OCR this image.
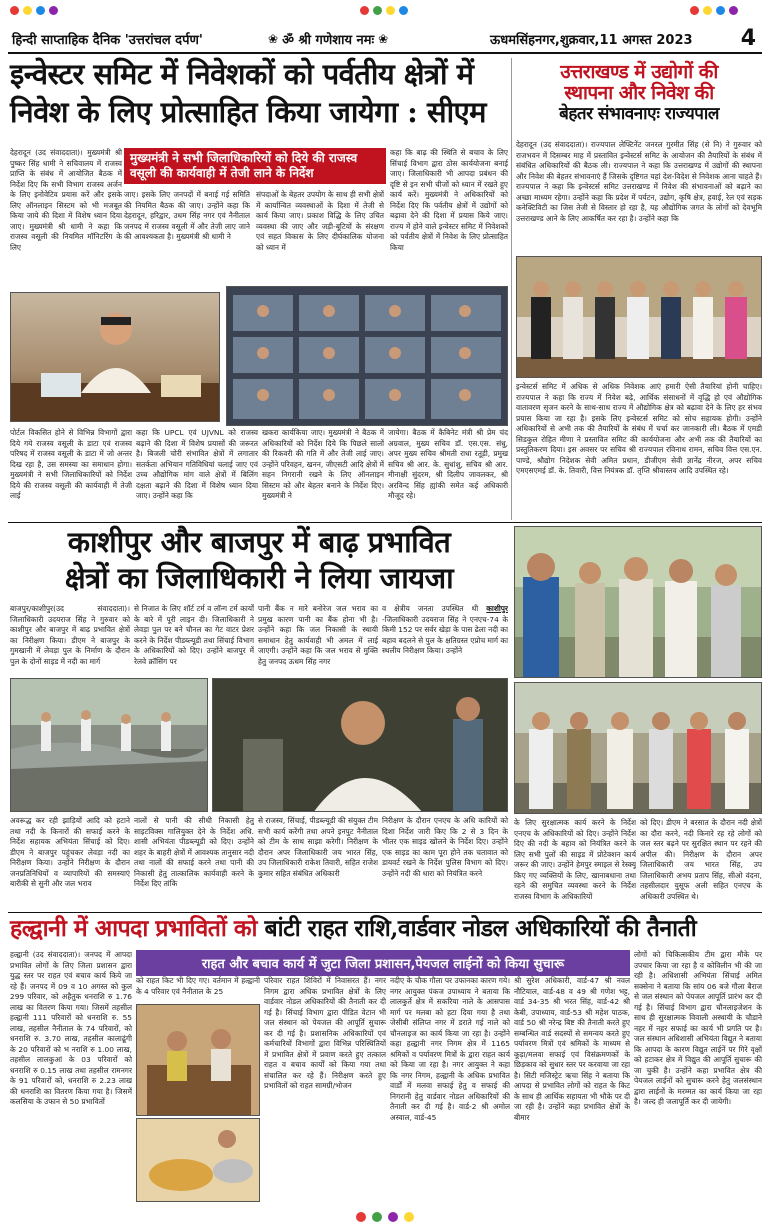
हिन्दी साप्ताहिक दैनिक 'उत्तरांचल दर्पण'	❀ ॐ श्री गणेशाय नमः ❀	ऊधमसिंहनगर,शुक्रवार,11 अगस्त 2023 4
इन्वेस्टर समिट में निवेशकों को पर्वतीय क्षेत्रों में
निवेश के लिए प्रोत्साहित किया जायेगा : सीएम
उत्तराखण्ड में उद्योगों की
स्थापना और निवेश की
बेहतर संभावनाएः राज्यपाल
देहरादून (उद संवाददाता)। मुख्यमंत्री श्री पुष्कर सिंह धामी ने सचिवालय में राजस्व प्राप्ति के संबंध में आयोजित बैठक में निर्देश दिए कि सभी विभाग राजस्व अर्जन के लिए इनोवेटिव प्रयास करें और इसके लिए ऑनलाइन सिस्टम को भी मजबूत किया जाये की दिशा में विशेष ध्यान दिया जाए। मुख्यमंत्री श्री धामी ने कहा कि राजस्व वसूली की नियमित मॉनिटरिंग के लिए
मुख्यमंत्री ने सभी जिलाधिकारियों को दिये की राजस्व वसूली की कार्यवाही में तेजी लाने के निर्देश
कहा कि बाढ़ की स्थिति से बचाव के लिए सिंचाई विभाग द्वारा ठोस कार्ययोजना बनाई जाए। जिलाधिकारी भी आपदा प्रबंधन की दृष्टि से इन सभी चीजों को ध्यान में रखते हुए कार्य करें। मुख्यमंत्री ने अधिकारियों को निर्देश दिए कि पर्वतीय क्षेत्रों में उद्योगों को बढ़ावा देने की दिशा में प्रयास किये जाए। राज्य में होने वाले इन्वेस्टर समिट में निवेशकों को पर्वतीय क्षेत्रों में निवेश के लिए प्रोत्साहित किया
जाए। इसके लिए जनपदों में बनाई गई समिति की नियमित बैठक की जाए। उन्होंने कहा कि देहरादून, हरिद्वार, उधम सिंह नगर एवं नैनीताल जनपद में राजस्व वसूली में और तेजी लाए जाने की आवश्यकता है। मुख्यमंत्री श्री धामी ने
संपदाओं के बेहतर उपयोग के साथ ही सभी क्षेत्रों में कार्यान्वित व्यवस्थाओं के दिशा में तेजी से कार्य किया जाए। प्रकाश विद्धि के लिए उचित व्यवस्था की जाए और जड़ी-बूटियों के संरक्षण एवं सहत विकास के लिए दीर्घकालिक योजना को ध्यान में
पोर्टल विकसित होने से विभिन्न विभागों द्वारा दिये गये राजस्व वसूली के डाटा एवं राजस्व परिषद में राजस्व वसूली के डाटा में जो अन्तर दिख रहा है, उस समस्या का समाधान होगा। मुख्यमंत्री ने सभी जिलाधिकारियों को निर्देश दिये की राजस्व वसूली की कार्यवाही में तेजी लाई
कहा कि UPCL एवं UJVNL को राजस्व बढ़ाने की दिशा में विशेष प्रयासों की जरूरत है। बिजली चोरी संभावित क्षेत्रों में लगातार सतर्कता अभियान गतिविधियां चलाई जाए एवं उच्च औद्योगिक मांग वाले क्षेत्रों में बिलिंग दक्षता बढ़ाने की दिशा में विशेष ध्यान दिया जाए। उन्होंने कहा कि
खकरा कार्यकिया जाए। मुख्यमंत्री ने बैठक में अधिकारियों को निर्देश दिये कि पिछले सालों की रिकवरी की गति में और तेजी लाई जाए। उन्होंने परिवहन, खनन, जीएसटी आदि क्षेत्रों में सहन निगरानी रखने के लिए ऑनलाइन सिस्टम को और बेहतर बनाने के निर्देश दिए। मुख्यमंत्री ने
जायेगा। बैठक में कैबिनेट मंत्री श्री प्रेम चंद अग्रवाल, मुख्य सचिव डॉ. एस.एस. संधु, अपर मुख्य सचिव श्रीमती राधा रतूड़ी, प्रमुख सचिव श्री आर. के. सुधांशु, सचिव श्री आर. मीनाक्षी सुंदरम, श्री दिलीप जावलकर, श्री अरविन्द सिंह ह्यांकी समेत कई अधिकारी मौजूद रहे।
देहरादून (उद संवाददाता)। राज्यपाल लेफ्टिनेंट जनरल गुरमीत सिंह (से नि) ने गुरुवार को राजभवन में दिसम्बर माह में प्रस्तावित इन्वेस्टर्स समिट के आयोजन की तैयारियों के संबंध में संबंधित अधिकारियों की बैठक ली। राज्यपाल ने कहा कि उत्तराखण्ड में उद्योगों की स्थापना और निवेश की बेहतर संभावनाएं हैं जिसके दृष्टिगत यहां देश-विदेश से निवेशक आना चाहते हैं। राज्यपाल ने कहा कि इन्वेस्टर्स समिट उत्तराखण्ड में निवेश की संभावनाओं को बढ़ाने का अच्छा माध्यम रहेगा। उन्होंने कहा कि प्रदेश में पर्यटन, उद्योग, कृषि क्षेत्र, हवाई, रेल एवं सड़क कनेक्टिविटी का जिस तेजी से विस्तार हो रहा है, यह औद्योगिक जगत के लोगों को देवभूमि उत्तराखण्ड आने के लिए आकर्षित कर रहा है। उन्होंने कहा कि
इन्वेस्टर्स समिट में अधिक से अधिक निवेशक आएं हमारी ऐसी तैयारियां होनी चाहिए। राज्यपाल ने कहा कि राज्य में निवेश बढ़े, आर्थिक संसाधनों में वृद्धि हो एवं औद्योगिक वातावरण सृजन करने के साथ-साथ राज्य में औद्योगिक क्षेत्र को बढ़ावा देने के लिए हर संभव प्रयास किया जा रहा है। इसके लिए इन्वेस्टर्स समिट को सोच सहायक होगी। उन्होंने अधिकारियों से अभी तक की तैयारियों के संबंध में चर्चा कर जानकारी ली। बैठक में एमडी सिडकुल रोहित मीणा ने प्रस्तावित समिट की कार्ययोजना और अभी तक की तैयारियों का प्रस्तुतिकरण दिया। इस अवसर पर सचिव श्री राज्यपाल रविनाथ रामन, सचिव वित्त एस.एन. पाण्डे, श्रौद्योग निदेशक सेवी अमित प्रधान, डीजीएम सेवी ज्ञानेंद्र नीरज, अपर सचिव एमएसएमई डॉ. के. तिवारी, वित्त नियंत्रक डॉ. तृप्ति श्रीवास्तव आदि उपस्थित रहे।
काशीपुर और बाजपुर में बाढ़ प्रभावित
क्षेत्रों का जिलाधिकारी ने लिया जायजा
बाजपुर/काशीपुर(उद संवाददाता)। जिलाधिकारी उदयराज सिंह ने गुरुवार को काशीपुर और बाजपुर में बाढ़ प्रभावित क्षेत्रों का निरीक्षण किया। डीएम ने बाजपुर के गुमखानी में लेवड़ा पुल के निर्माण के दौरान पुल के दोनों साइड में नदी का मार्ग
से निजात के लिए शॉर्ट टर्म व लॉन्ग टर्म कार्यों के बारे में पूरी लाइन दी। जिलाधिकारी ने लेवड़ा पुल पर बने चौनल का गेट वाटर प्रेशर करने के निर्देश पीडब्ल्यूडी तथा सिंचाई विभाग के अधिकारियों को दिए। उन्होंने बाजपुर में रेलवे क्रॉसिंग पर
पानी बैंक न मारे बनोरेज जल भराव का प्रमुख कारण पानी का बैंक होना भी है। उन्होंने कहा कि जल निकासी के स्थायी समाधान हेतु कार्यवाही भी अमल में लाई जाएगी। उन्होंने कहा कि जल भराव से मुक्ति हेतु जनपद ऊधम सिंह नगर
व क्षेत्रीय जनता उपस्थित थी काशीपुर -जिलाधिकारी उदयराज सिंह ने एनएच-74 के किमी 152 पर सर्वर खेड़ा के पास ढेला नदी का बहाव बदलने से पुल के क्षतिग्रस्त एप्रोच मार्ग का स्थलीय निरीक्षण किया। उन्होंने
अवरूद्ध कर रही झाड़ियों आदि को हटाने तथा नदी के किनारों की सफाई करने के निर्देश सहायक अभियंता सिंचाई को दिए। डीएम ने बाजपुर पहुंचकर लेवड़ा नदी का निरीक्षण किया। उन्होंने निरीक्षण के दौरान जनप्रतिनिधियों व व्यापारियों की समस्याएं बारीकी से सुनी और जल भराव
नालों से पानी की सीधी निकासी हेतु साइटविक्स गालियुक्त देने के निर्देश अधि. शासी अभियंता पीडब्ल्यूडी को दिए। उन्होंने शहर के बाहरी क्षेत्रों में आवश्यक तानुसार नदी तथा नालों की सफाई करने तथा पानी की निकासी हेतु तात्कालिक कार्यवाही करने के निर्देश दिए तांकि
से राजस्व, सिंचाई, पीडब्ल्यूडी की संयुक्त टीम सभी कार्य करेंगी तथा अपने इनपुट नैनीताल को टीम के साथ साझा करेगी। निरीक्षण के दौरान अपर जिलाधिकारी जय भारत सिंह, उप जिलाधिकारी राकेश तिवारी, सहित राजेश कुमार सहित संबंधित अधिकारी
निरीक्षण के दौरान एनएच के अधि कारियों को दिशा निर्देश जारी किए कि 2 से 3 दिन के भीतर एक साइड खोलने के निर्देश दिए। उन्होंने एक साइड का काम पूरा होने तक चतावात को डायवर्ट रखने के निर्देश पुलिस विभाग को दिए। उन्होंने नदी की धारा को नियंत्रित करने
के लिए सुरक्षात्मक कार्य करने के निर्देश एनएच के अधिकारियों को दिए। उन्होंने निर्देश दिए की नदी के बहाव को नियंत्रित करने के लिए सभी पुलों की साइड में प्रोटेक्शन कार्य जरूर की जाए। उन्होंने हेमपुर स्माइल से रेस्क्यू किए गए व्यक्तियों के लिए, खानाबधाना तथा रहने की समुचित व्यवस्था करने के निर्देश राजस्व विभाग के अधिकारियों
को दिए। डीएम ने बरसात के दौरान नदी क्षेत्रों का दौरा करने, नदी किनारे रह रहे लोगों को जल स्तर बढ़ने पर सुरक्षित स्थान पर रहने की अपील की। निरीक्षण के दौरान अपर जिलाधिकारी जय भारत सिंह, उप जिलाधिकारी अभय प्रताप सिंह, सीओ वंदना, तहसीलदार युसूफ अली सहित एनएच के अधिकारी उपस्थित थे।
हल्द्वानी में आपदा प्रभावितों को बांटी राहत राशि,वार्डवार नोडल अधिकारियों की तैनाती
राहत और बचाव कार्य में जुटा जिला प्रशासन,पेयजल लाईनों को किया सुचारू
हल्द्वानी (उद संवाददाता)। जनपद में आपदा प्रभावित लोगों के लिए जिला प्रशासन द्वारा युद्ध स्तर पर राहत एवं बचाव कार्य किये जा रहे हैं। जनपद में 09 व 10 अगस्त को कुल 299 परिवार, को अहैतुक धनराशि रु 1.76 लाख का वितरण किया गया। जिसमें तहसील हल्द्वानी 111 परिवारों को धनराशि रु. 55 लाख, तहसील नैनीताल के 74 परिवारों, को धनराशि रु. 3.70 लाख, तहसील कालाढूंगी के 20 परिवारों को भ नराशि रु 1.00 लाख, तहसील लालकुआं के 03 परिवारों को धनराशि रु 0.15 लाख तथा तहसील रामनगर के 91 परिवारों को, धनराशि रु 2.23 लाख की धनराशि का वितरण किया गया है। जिसमें कलसिया के उफान से 50 प्रभावितों
को राहत किट भी दिए गए। वर्तमान में हल्द्वानी के 4 परिवार एवं नैनीताल के 25
परिवार राहत शिविरों में निवासरत हैं। नगर निगम द्वारा अधिक प्रभावित क्षेत्रों के लिए वार्डवार नोडल अधिकारियों की तैनाती कर दी गई है। सिंचाई विभाग द्वारा पीडित वेटान भी जल संस्थान को पेयजल की आपूर्ति सुचारू कर दी गई है। प्रशासनिक अधिकारियों एवं कर्मचारियों विभागों द्वारा विभिन्न परिस्थितियों में प्रभावित क्षेत्रों में प्रवाण करते हुए तत्काल राहत व बचाव कार्यों को किया गया तथा संचालित कर रहे हैं। निरीक्षण करते हुए प्रभावितों को राहत सामग्री/भोजन
नदीए के चौक गौला पर उफानका कारण गये। नगर आयुक्त पंकज उपाध्याय ने बताया कि लालकुर्ते क्षेत्र में सकरिया नाले के आसपास मार्ग पर मलबा को हटा दिया गया है तथा जेसीबी संलिप्त नगर में डराते गई नाले को चौनलाइज का कार्य किया जा रहा है। उन्होंने कहा हल्द्वानी नगर निगम क्षेत्र में 1165 श्रमिकों व पर्यावरण मित्रों के द्वारा राहत कार्य को किया जा रहा है। नगर आयुक्त ने कहा कि नगर निगम, हल्द्वानी के अधिक प्रभावित वार्डों में मलवा सफाई हेतु व सफाई की निगरानी हेतु वार्डवार नोडल अधिकारियों की तैनाती कर दी गई है। वार्ड-2 श्री अमोल अस्वाल, वार्ड-45
श्री सुरेश अधिकारी, वार्ड-47 श्री नवल नौटियाल, वार्ड-48 व 49 श्री गणेश भट्ट, वार्ड 34-35 श्री भरत सिंह, वार्ड-42 श्री केबी, उपाध्याय, वार्ड-53 श्री महेश पाठक, वार्ड 50 श्री नरेन्द्र बिष्ट की तैनाती करते हुए सम्बन्धित वार्ड सदस्यों से समन्वय करते हुए पर्यावरण मित्रों एवं श्रमिकों के माध्यम से कूड़ा/मलवा सफाई एवं विसंक्रमणकों के छिड़काव को सुधार स्तर पर करवाया जा रहा है। सिटी मजिस्ट्रेट ऋचा सिंह ने बताया कि आपदा से प्रभावित लोगों को राहत के किट के साथ ही आर्थिक सहायता भी भौके पर दी जा रही है। उन्होंने कहा प्रभावित क्षेत्रों के बीमार
लोगों को चिकित्सकीय टीम द्वारा मौके पर उपचार किया जा रहा है व कोविलीन भी की जा रही है। अधिशासी अभियंता सिंचाई अमित सक्सेना ने बताया कि सांय 06 बजे गौला बैराज से जल संस्थान को पेयजल आपूर्ति प्रारंभ कर दी गई है। सिंचाई विभाग द्वारा चौनलाइजेशन के साथ ही सुरक्षात्मक विवाली अस्थायी के चौडाने नहर में नहर सफाई का कार्य भी प्रगति पर है। जल संस्थान अधिशासी अभियंता विद्युत ने बताया कि आपदा के कारण विद्युत लाईनें पर गिरे वृक्षों को हटाकर क्षेत्र में विद्युत की आपूर्ति सुचारू की जा चुकी है। उन्होंने कहा प्रभावित क्षेत्र की पेयजल लाईनों को सुचारू करने हेतु जलसंस्थान द्वारा लाईनों के मरम्मत का कार्य किया जा रहा है। जल्द ही जलापूर्ति कर दी जायेगी।
